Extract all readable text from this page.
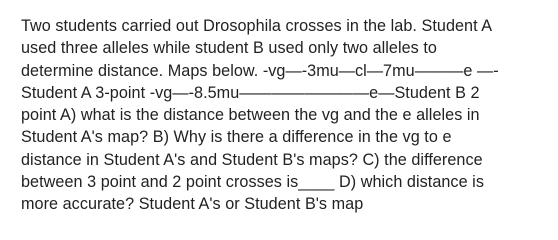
Two students carried out Drosophila crosses in the lab. Student A
used three alleles while student B used only two alleles to
determine distance. Maps below. -vg—-3mu—cl—7mu———e —-
Student A 3-point -vg—-8.5mu————————e—Student B 2
point A) what is the distance between the vg and the e alleles in
Student A's map? B) Why is there a difference in the vg to e
distance in Student A's and Student B's maps? C) the difference
between 3 point and 2 point crosses is____ D) which distance is
more accurate? Student A's or Student B's map
